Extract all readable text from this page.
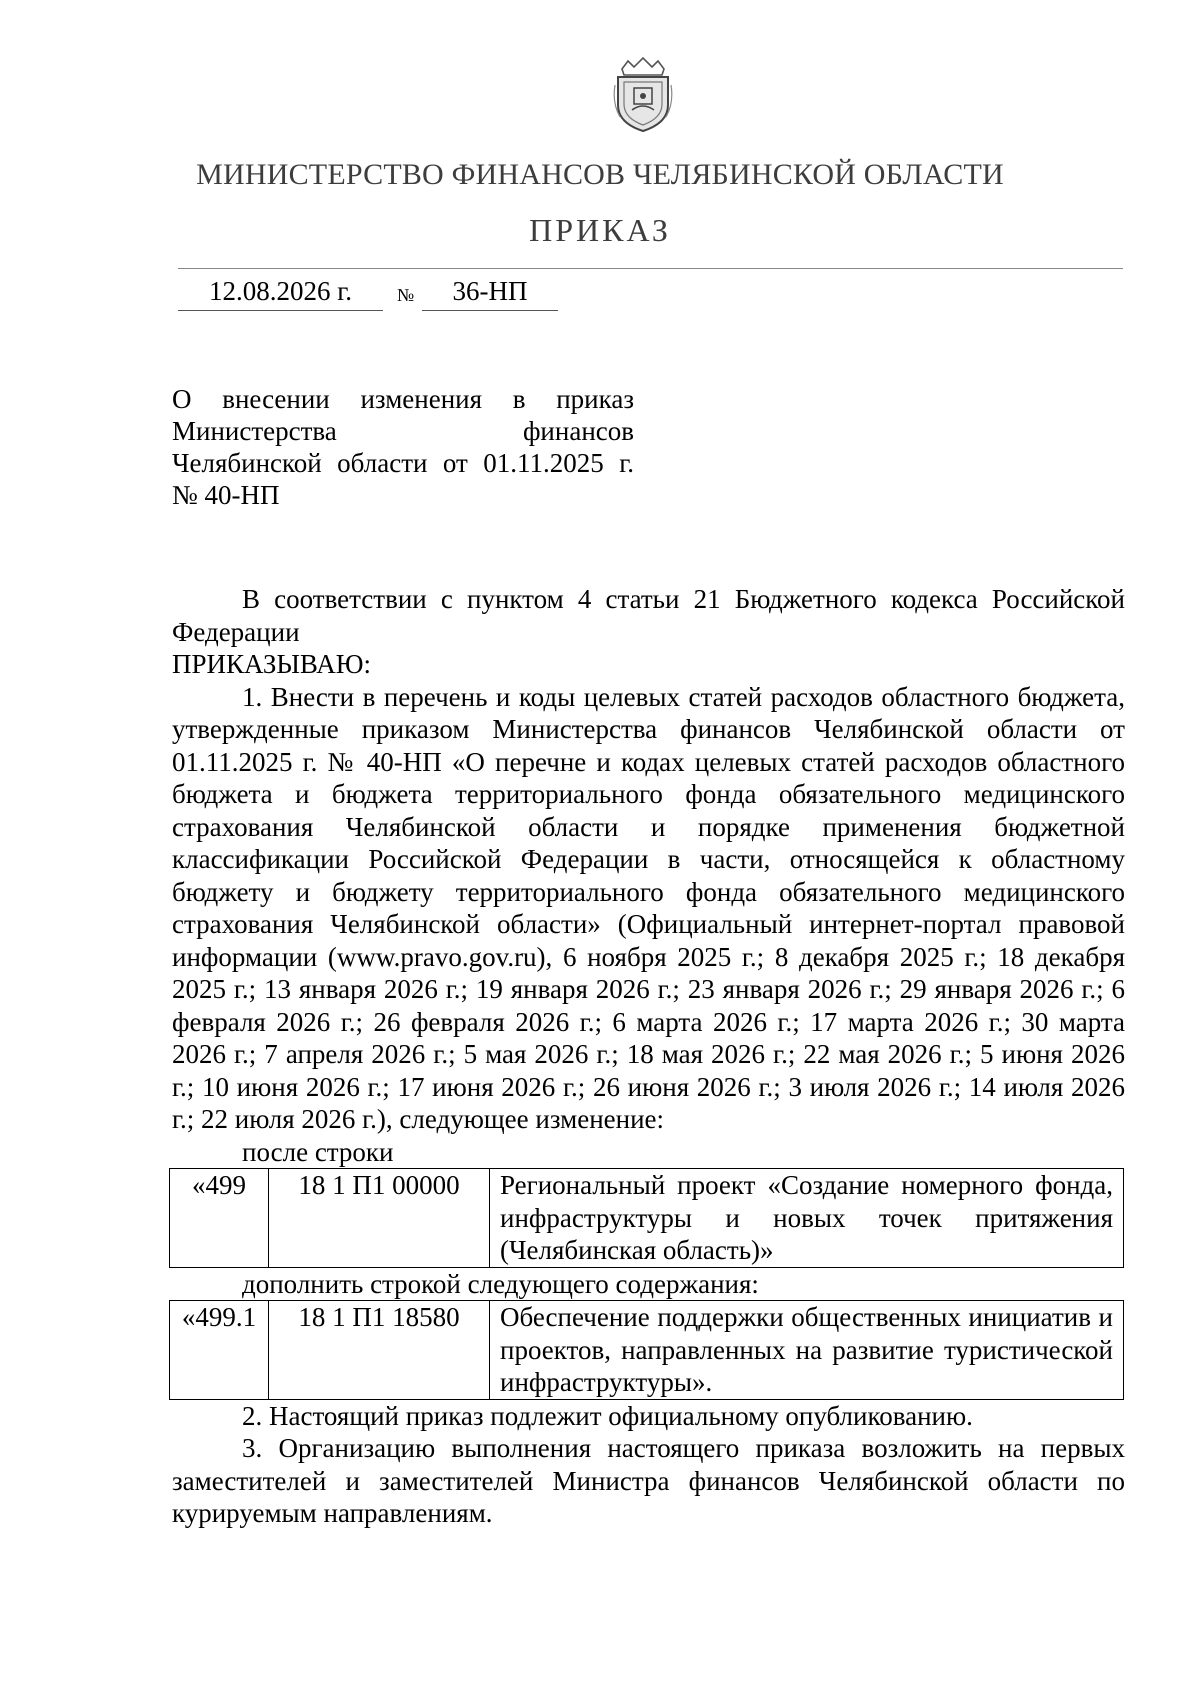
МИНИСТЕРСТВО ФИНАНСОВ ЧЕЛЯБИНСКОЙ ОБЛАСТИ
ПРИКАЗ
12.08.2026 г.	№	36-НП
О внесении изменения в приказ
Министерства финансов
Челябинской области от 01.11.2025 г.
№ 40-НП

В соответствии с пунктом 4 статьи 21 Бюджетного кодекса Российской Федерации

ПРИКАЗЫВАЮ:

1. Внести в перечень и коды целевых статей расходов областного бюджета, утвержденные приказом Министерства финансов Челябинской области от 01.11.2025 г. № 40-НП «О перечне и кодах целевых статей расходов областного бюджета и бюджета территориального фонда обязательного медицинского страхования Челябинской области и порядке применения бюджетной классификации Российской Федерации в части, относящейся к областному бюджету и бюджету территориального фонда обязательного медицинского страхования Челябинской области» (Официальный интернет-портал правовой информации (www.pravo.gov.ru), 6 ноября 2025 г.; 8 декабря 2025 г.; 18 декабря 2025 г.; 13 января 2026 г.; 19 января 2026 г.; 23 января 2026 г.; 29 января 2026 г.; 6 февраля 2026 г.; 26 февраля 2026 г.; 6 марта 2026 г.; 17 марта 2026 г.; 30 марта 2026 г.; 7 апреля 2026 г.; 5 мая 2026 г.; 18 мая 2026 г.; 22 мая 2026 г.; 5 июня 2026 г.; 10 июня 2026 г.; 17 июня 2026 г.; 26 июня 2026 г.; 3 июля 2026 г.; 14 июля 2026 г.; 22 июля 2026 г.), следующее изменение:

после строки

«499	18 1 П1 00000	Региональный проект «Создание номерного фонда, инфраструктуры и новых точек притяжения (Челябинская область)»

дополнить строкой следующего содержания:

«499.1	18 1 П1 18580	Обеспечение поддержки общественных инициатив и проектов, направленных на развитие туристической инфраструктуры».

2. Настоящий приказ подлежит официальному опубликованию.

3. Организацию выполнения настоящего приказа возложить на первых заместителей и заместителей Министра финансов Челябинской области по курируемым направлениям.
